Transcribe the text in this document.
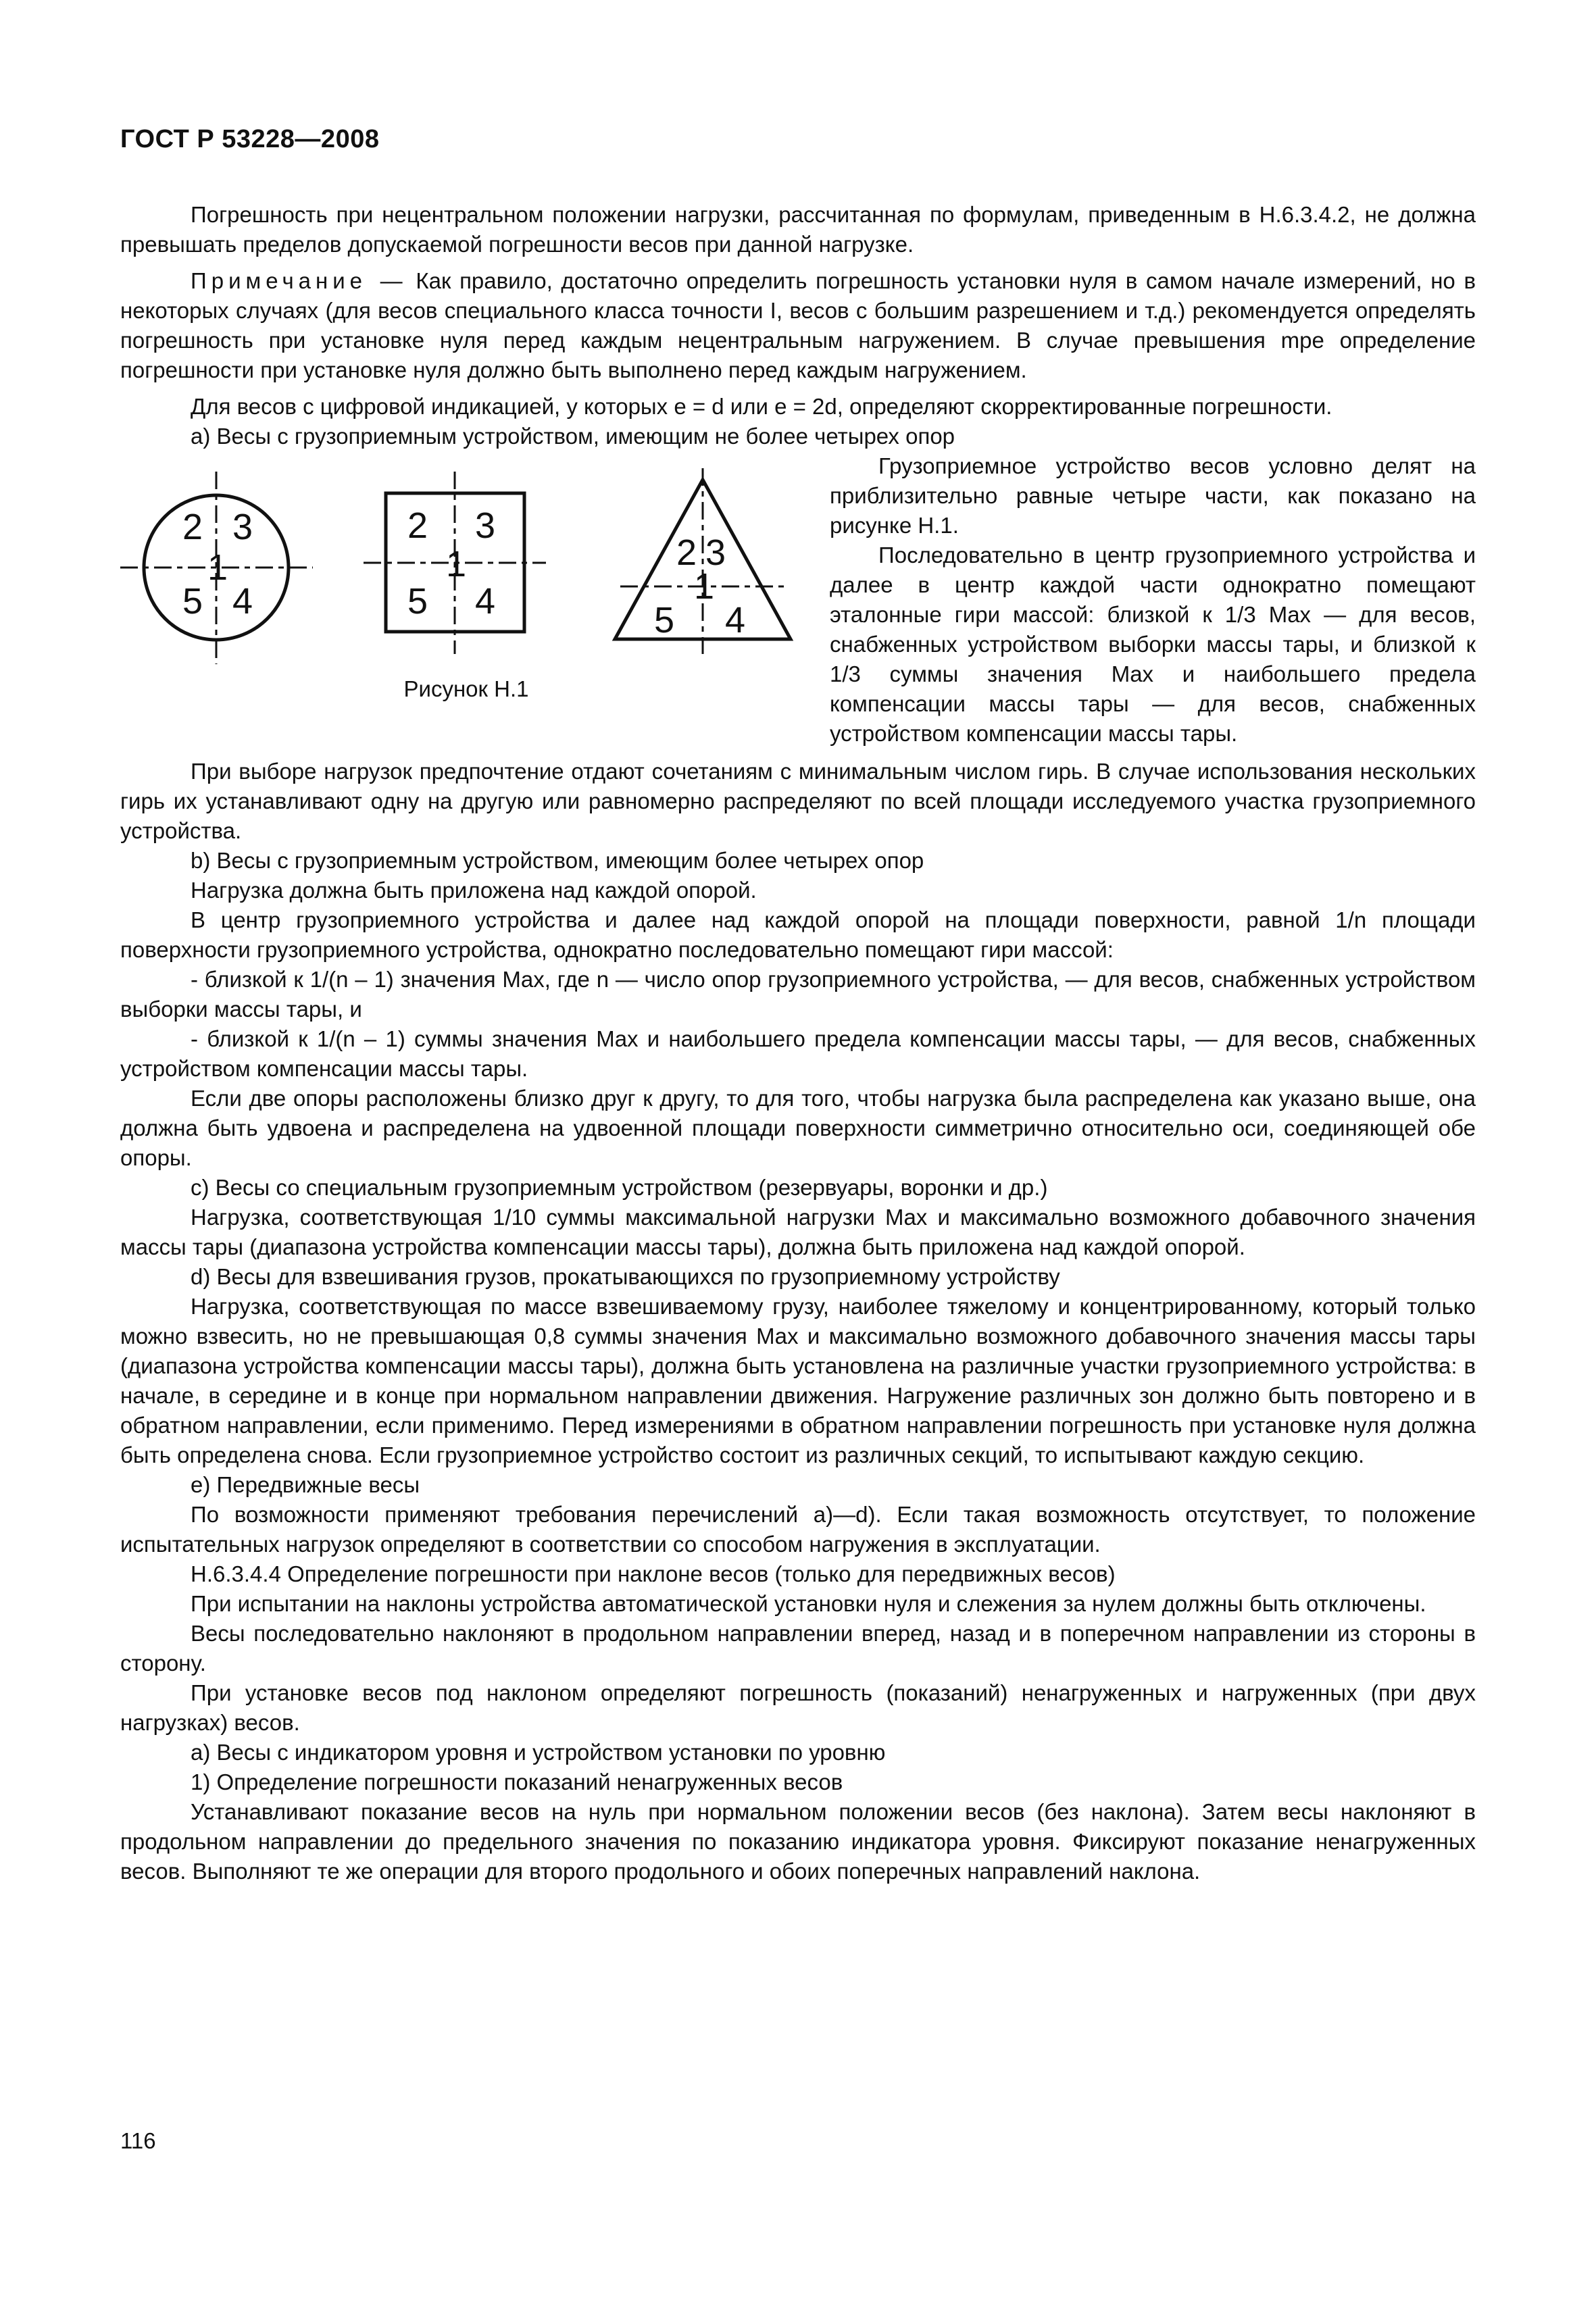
ГОСТ Р 53228—2008

Погрешность при нецентральном положении нагрузки, рассчитанная по формулам, приведенным в Н.6.3.4.2, не должна превышать пределов допускаемой погрешности весов при данной нагрузке.

Примечание — Как правило, достаточно определить погрешность установки нуля в самом начале измерений, но в некоторых случаях (для весов специального класса точности I, весов с большим разрешением и т.д.) рекомендуется определять погрешность при установке нуля перед каждым нецентральным нагружением. В случае превышения mpe определение погрешности при установке нуля должно быть выполнено перед каждым нагружением.

Для весов с цифровой индикацией, у которых e = d или e = 2d, определяют скорректированные погрешности.

а) Весы с грузоприемным устройством, имеющим не более четырех опор

2 3
1
5 4
2 3
1
5 4
2 3
1
5 4
Рисунок Н.1

Грузоприемное устройство весов условно делят на приблизительно равные четыре части, как показано на рисунке Н.1.

Последовательно в центр грузоприемного устройства и далее в центр каждой части однократно помещают эталонные гири массой: близкой к 1/3 Max — для весов, снабженных устройством выборки массы тары, и близкой к 1/3 суммы значения Max и наибольшего предела компенсации массы тары — для весов, снабженных устройством компенсации массы тары.

При выборе нагрузок предпочтение отдают сочетаниям с минимальным числом гирь. В случае использования нескольких гирь их устанавливают одну на другую или равномерно распределяют по всей площади исследуемого участка грузоприемного устройства.

b) Весы с грузоприемным устройством, имеющим более четырех опор

Нагрузка должна быть приложена над каждой опорой.

В центр грузоприемного устройства и далее над каждой опорой на площади поверхности, равной 1/n площади поверхности грузоприемного устройства, однократно последовательно помещают гири массой:

- близкой к 1/(n – 1) значения Max, где n — число опор грузоприемного устройства, — для весов, снабженных устройством выборки массы тары, и

- близкой к 1/(n – 1) суммы значения Max и наибольшего предела компенсации массы тары, — для весов, снабженных устройством компенсации массы тары.

Если две опоры расположены близко друг к другу, то для того, чтобы нагрузка была распределена как указано выше, она должна быть удвоена и распределена на удвоенной площади поверхности симметрично относительно оси, соединяющей обе опоры.

c) Весы со специальным грузоприемным устройством (резервуары, воронки и др.)

Нагрузка, соответствующая 1/10 суммы максимальной нагрузки Max и максимально возможного добавочного значения массы тары (диапазона устройства компенсации массы тары), должна быть приложена над каждой опорой.

d) Весы для взвешивания грузов, прокатывающихся по грузоприемному устройству

Нагрузка, соответствующая по массе взвешиваемому грузу, наиболее тяжелому и концентрированному, который только можно взвесить, но не превышающая 0,8 суммы значения Max и максимально возможного добавочного значения массы тары (диапазона устройства компенсации массы тары), должна быть установлена на различные участки грузоприемного устройства: в начале, в середине и в конце при нормальном направлении движения. Нагружение различных зон должно быть повторено и в обратном направлении, если применимо. Перед измерениями в обратном направлении погрешность при установке нуля должна быть определена снова. Если грузоприемное устройство состоит из различных секций, то испытывают каждую секцию.

e) Передвижные весы

По возможности применяют требования перечислений a)—d). Если такая возможность отсутствует, то положение испытательных нагрузок определяют в соответствии со способом нагружения в эксплуатации.

Н.6.3.4.4 Определение погрешности при наклоне весов (только для передвижных весов)

При испытании на наклоны устройства автоматической установки нуля и слежения за нулем должны быть отключены.

Весы последовательно наклоняют в продольном направлении вперед, назад и в поперечном направлении из стороны в сторону.

При установке весов под наклоном определяют погрешность (показаний) ненагруженных и нагруженных (при двух нагрузках) весов.

а) Весы с индикатором уровня и устройством установки по уровню

1) Определение погрешности показаний ненагруженных весов

Устанавливают показание весов на нуль при нормальном положении весов (без наклона). Затем весы наклоняют в продольном направлении до предельного значения по показанию индикатора уровня. Фиксируют показание ненагруженных весов. Выполняют те же операции для второго продольного и обоих поперечных направлений наклона.

116
